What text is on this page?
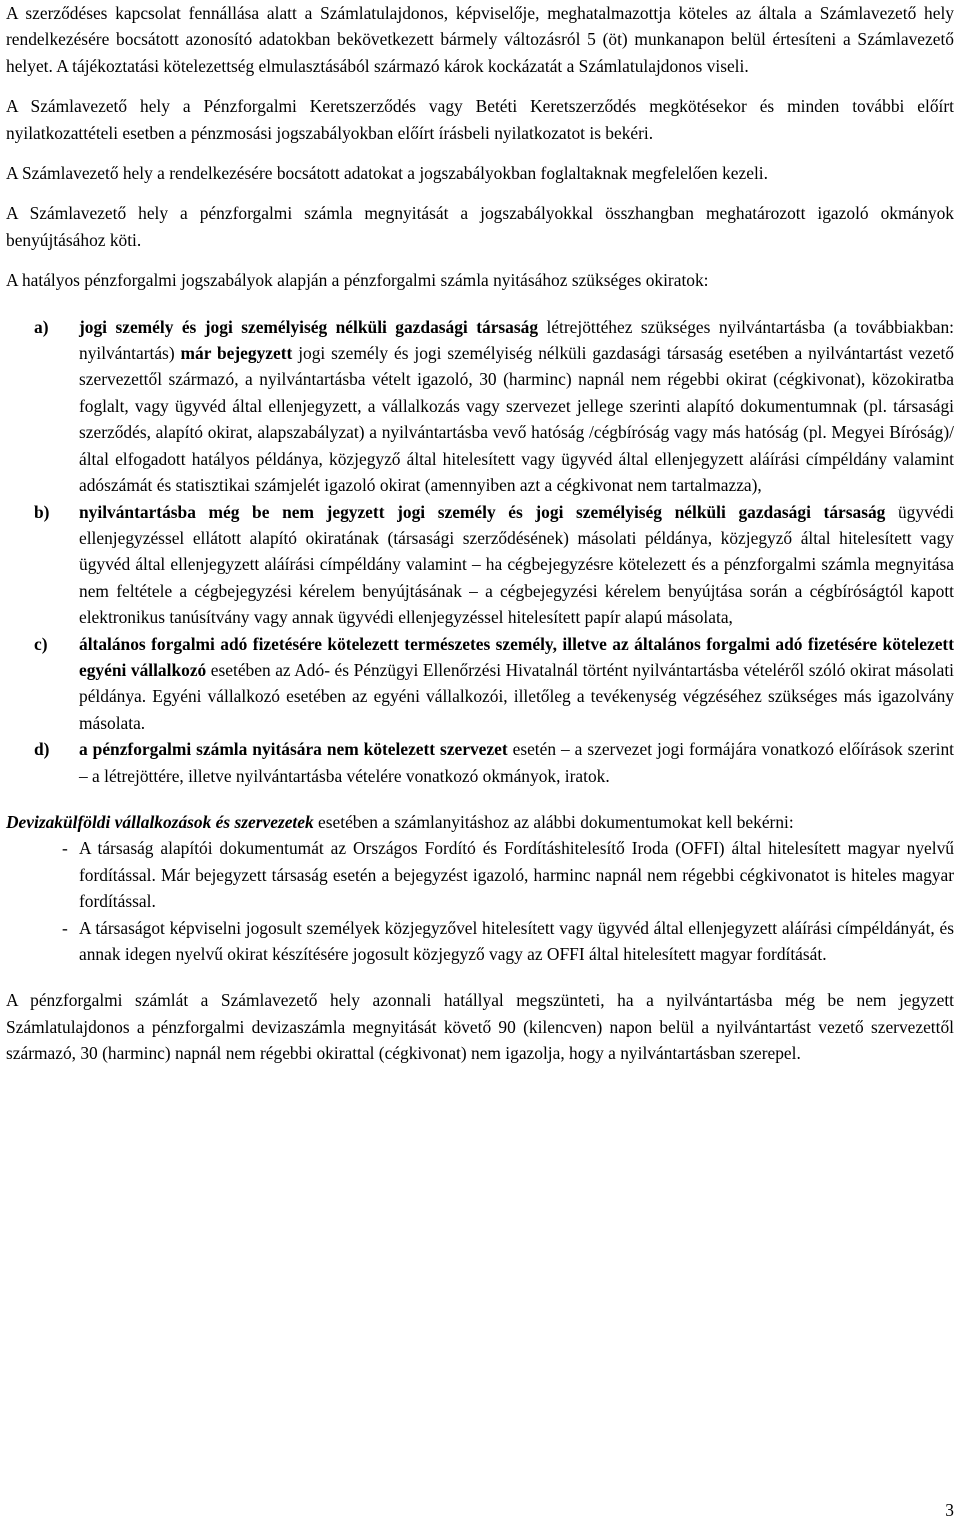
A szerződéses kapcsolat fennállása alatt a Számlatulajdonos, képviselője, meghatalmazottja köteles az általa a Számlavezető hely rendelkezésére bocsátott azonosító adatokban bekövetkezett bármely változásról 5 (öt) munkanapon belül értesíteni a Számlavezető helyet. A tájékoztatási kötelezettség elmulasztásából származó károk kockázatát a Számlatulajdonos viseli.

A Számlavezető hely a Pénzforgalmi Keretszerződés vagy Betéti Keretszerződés megkötésekor és minden további előírt nyilatkozattételi esetben a pénzmosási jogszabályokban előírt írásbeli nyilatkozatot is bekéri.

A Számlavezető hely a rendelkezésére bocsátott adatokat a jogszabályokban foglaltaknak megfelelően kezeli.

A Számlavezető hely a pénzforgalmi számla megnyitását a jogszabályokkal összhangban meghatározott igazoló okmányok benyújtásához köti.

A hatályos pénzforgalmi jogszabályok alapján a pénzforgalmi számla nyitásához szükséges okiratok:

a) jogi személy és jogi személyiség nélküli gazdasági társaság létrejöttéhez szükséges nyilvántartásba (a továbbiakban: nyilvántartás) már bejegyzett jogi személy és jogi személyiség nélküli gazdasági társaság esetében a nyilvántartást vezető szervezettől származó, a nyilvántartásba vételt igazoló, 30 (harminc) napnál nem régebbi okirat (cégkivonat), közokiratba foglalt, vagy ügyvéd által ellenjegyzett, a vállalkozás vagy szervezet jellege szerinti alapító dokumentumnak (pl. társasági szerződés, alapító okirat, alapszabályzat) a nyilvántartásba vevő hatóság /cégbíróság vagy más hatóság (pl. Megyei Bíróság)/ által elfogadott hatályos példánya, közjegyző által hitelesített vagy ügyvéd által ellenjegyzett aláírási címpéldány valamint adószámát és statisztikai számjelét igazoló okirat (amennyiben azt a cégkivonat nem tartalmazza),

b) nyilvántartásba még be nem jegyzett jogi személy és jogi személyiség nélküli gazdasági társaság ügyvédi ellenjegyzéssel ellátott alapító okiratának (társasági szerződésének) másolati példánya, közjegyző által hitelesített vagy ügyvéd által ellenjegyzett aláírási címpéldány valamint – ha cégbejegyzésre kötelezett és a pénzforgalmi számla megnyitása nem feltétele a cégbejegyzési kérelem benyújtásának – a cégbejegyzési kérelem benyújtása során a cégbíróságtól kapott elektronikus tanúsítvány vagy annak ügyvédi ellenjegyzéssel hitelesített papír alapú másolata,

c) általános forgalmi adó fizetésére kötelezett természetes személy, illetve az általános forgalmi adó fizetésére kötelezett egyéni vállalkozó esetében az Adó- és Pénzügyi Ellenőrzési Hivatalnál történt nyilvántartásba vételéről szóló okirat másolati példánya. Egyéni vállalkozó esetében az egyéni vállalkozói, illetőleg a tevékenység végzéséhez szükséges más igazolvány másolata.

d) a pénzforgalmi számla nyitására nem kötelezett szervezet esetén – a szervezet jogi formájára vonatkozó előírások szerint – a létrejöttére, illetve nyilvántartásba vételére vonatkozó okmányok, iratok.

Devizakülföldi vállalkozások és szervezetek esetében a számlanyitáshoz az alábbi dokumentumokat kell bekérni:

- A társaság alapítói dokumentumát az Országos Fordító és Fordításhitelesítő Iroda (OFFI) által hitelesített magyar nyelvű fordítással. Már bejegyzett társaság esetén a bejegyzést igazoló, harminc napnál nem régebbi cégkivonatot is hiteles magyar fordítással.

- A társaságot képviselni jogosult személyek közjegyzővel hitelesített vagy ügyvéd által ellenjegyzett aláírási címpéldányát, és annak idegen nyelvű okirat készítésére jogosult közjegyző vagy az OFFI által hitelesített magyar fordítását.

A pénzforgalmi számlát a Számlavezető hely azonnali hatállyal megszünteti, ha a nyilvántartásba még be nem jegyzett Számlatulajdonos a pénzforgalmi devizaszámla megnyitását követő 90 (kilencven) napon belül a nyilvántartást vezető szervezettől származó, 30 (harminc) napnál nem régebbi okirattal (cégkivonat) nem igazolja, hogy a nyilvántartásban szerepel.

3
